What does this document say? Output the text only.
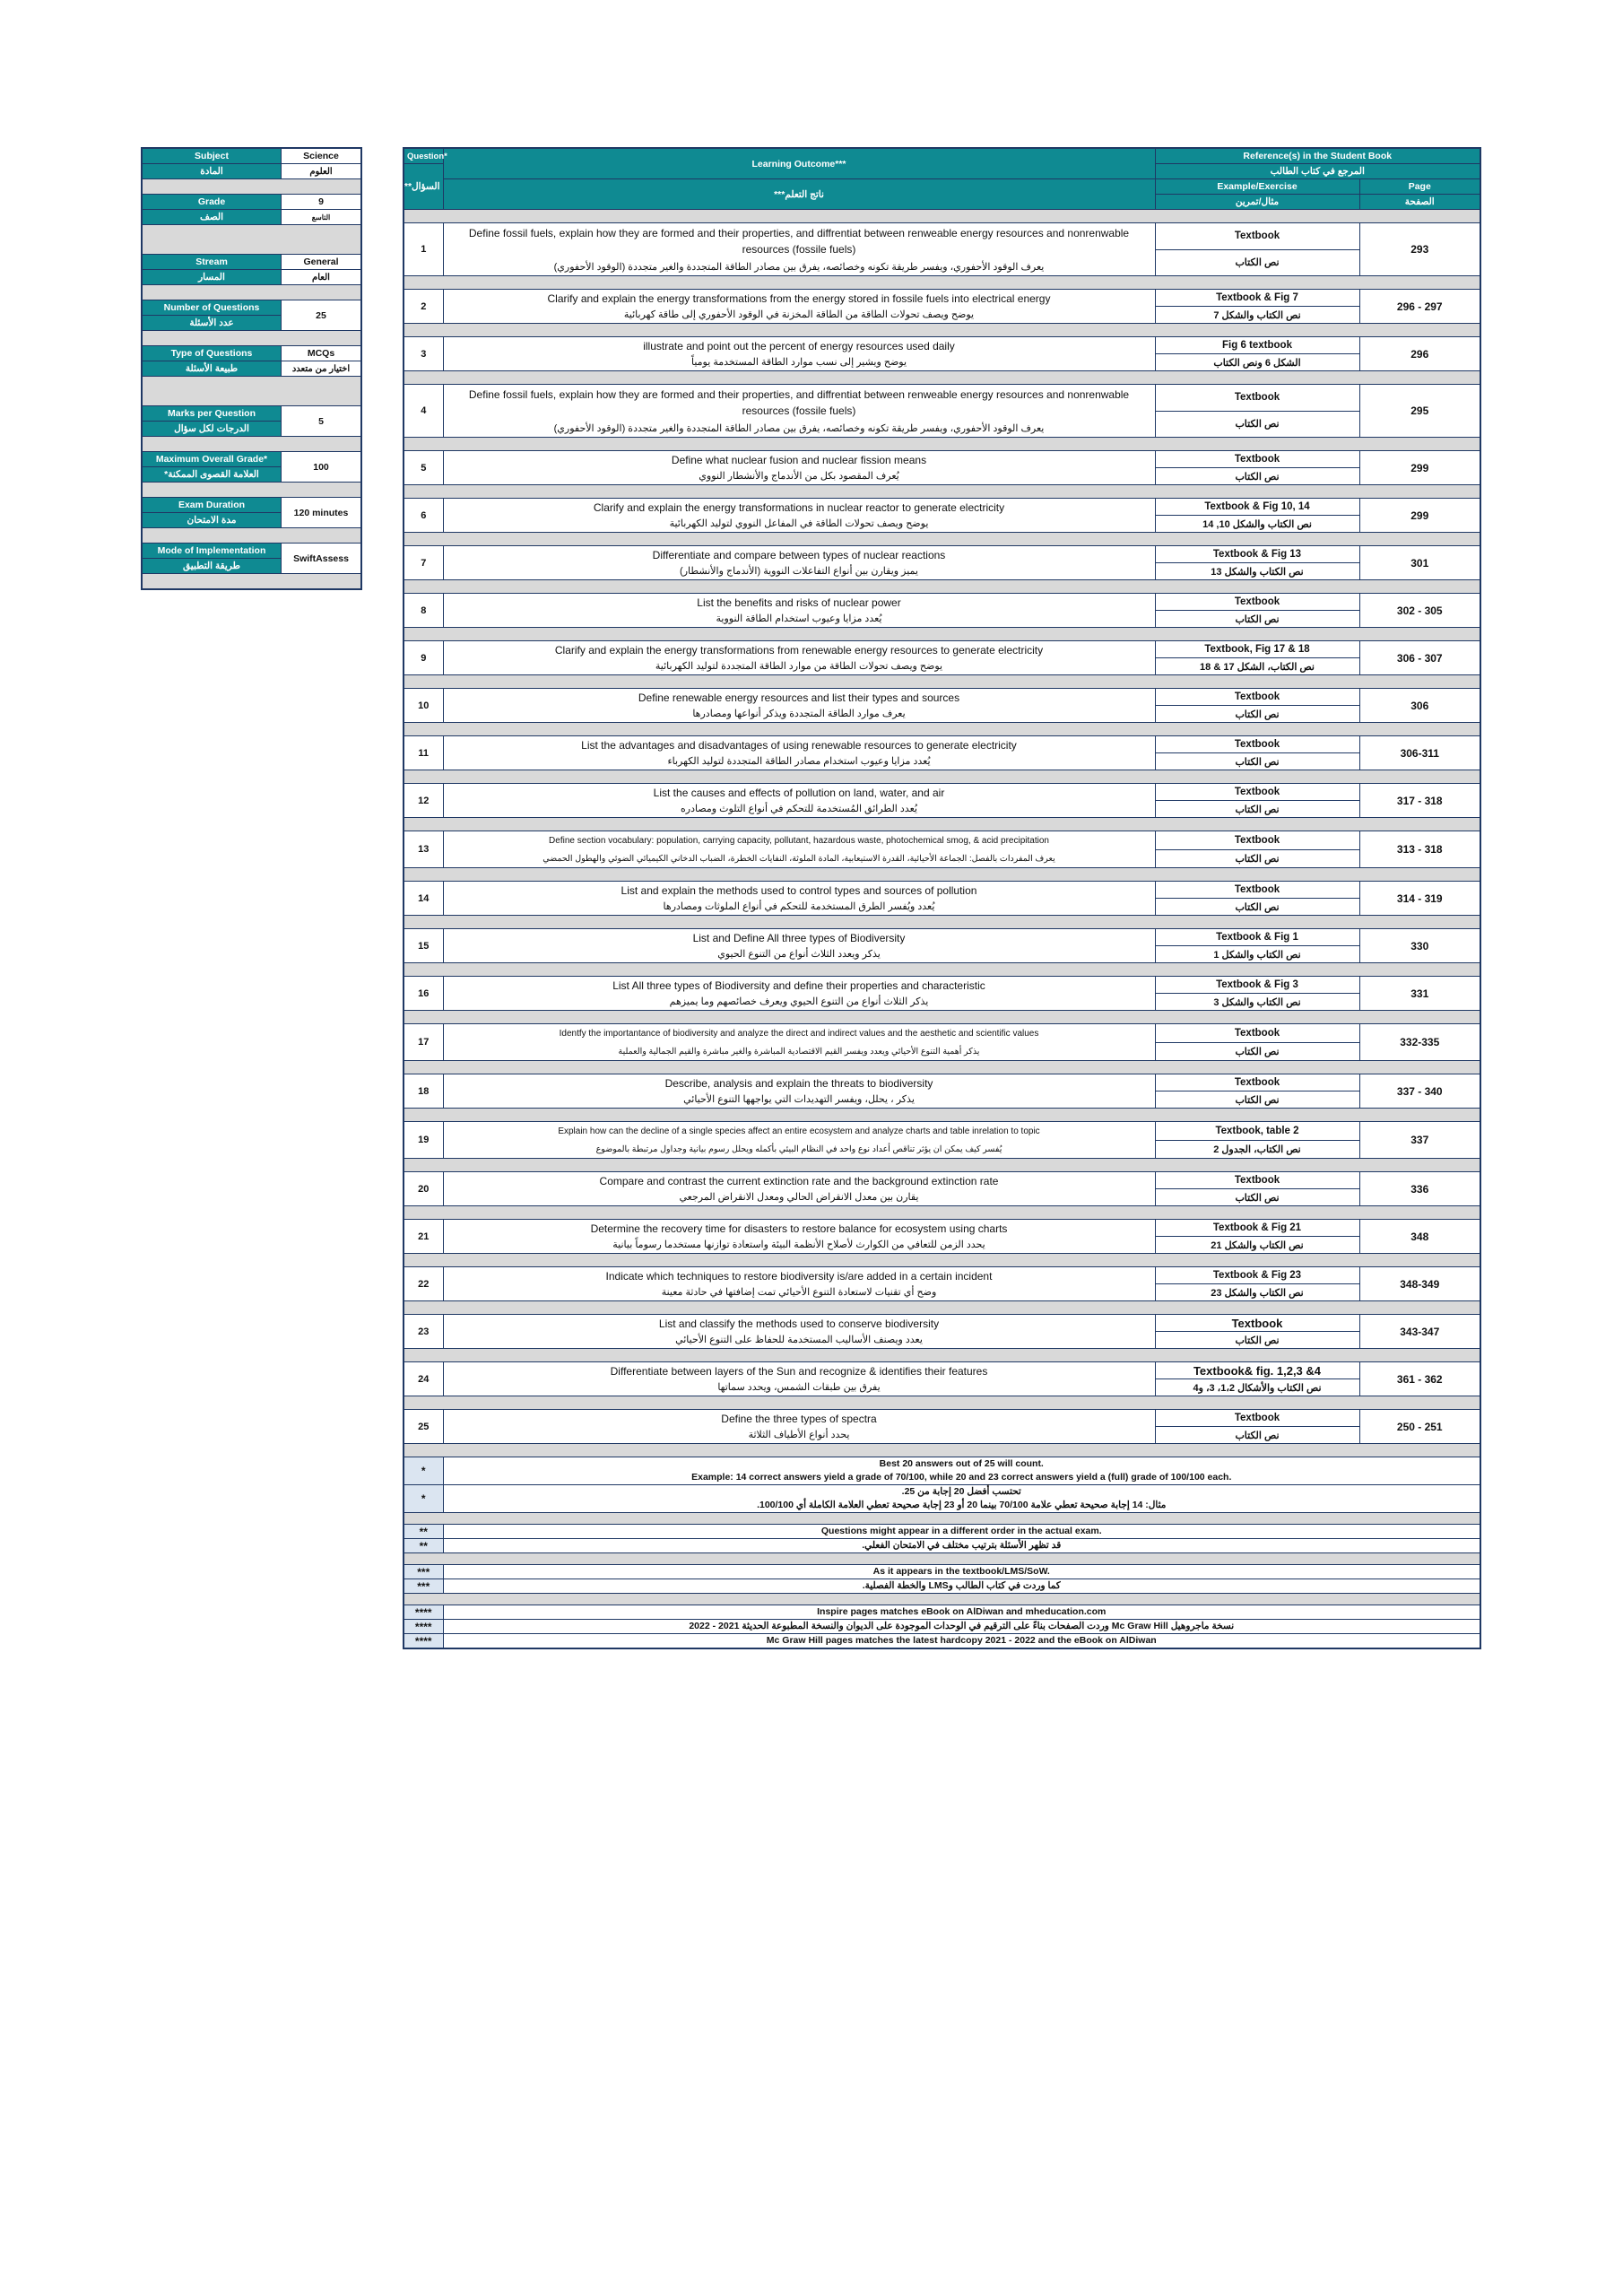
Subject	Science
المادة	العلوم

Grade	9
الصف	التاسع

Stream	General
المسار	العام

Number of Questions	25
عدد الأسئلة	

Type of Questions	MCQs
طبيعة الأسئلة	اختيار من متعدد

Marks per Question	5
الدرجات لكل سؤال	

Maximum Overall Grade*	100
العلامة القصوى الممكنة*	

Exam Duration	120 minutes
مدة الامتحان	

Mode of Implementation	SwiftAssess
طريقة التطبيق	

Question*	Learning Outcome***	Reference(s) in the Student Book	
السؤال**		المرجع في كتاب الطالب	
	ناتج التعلم***	Example/Exercise	Page
		مثال/تمرين	الصفحة

1	Define fossil fuels, explain how they are formed and their properties, and diffrentiat between renweable energy resources and nonrenwable resources (fossile fuels)
يعرف الوقود الأحفوري، ويفسر طريقة تكونه وخصائصه، يفرق بين مصادر الطاقة المتجددة والغير متجددة (الوقود الأحفوري)	Textbook	293
		نص الكتاب	

2	Clarify and explain the energy transformations from the energy stored in fossile fuels into electrical energy
يوضح ويصف تحولات الطاقة من الطاقة المخزنة في الوقود الأحفوري إلى طاقة كهربائية	Textbook & Fig 7	296 - 297
		نص الكتاب والشكل 7	

3	illustrate and point out the percent of energy resources used daily
يوضح ويشير إلى نسب موارد الطاقة المستخدمة يومياً	Fig 6 textbook	296
		الشكل 6 ونص الكتاب	

4	Define fossil fuels, explain how they are formed and their properties, and diffrentiat between renweable energy resources and nonrenwable resources (fossile fuels)
يعرف الوقود الأحفوري، ويفسر طريقة تكونه وخصائصه، يفرق بين مصادر الطاقة المتجددة والغير متجددة (الوقود الأحفوري)	Textbook	295
		نص الكتاب	

5	Define what nuclear fusion and nuclear fission means
يُعرف المقصود بكل من الأندماج والأنشطار النووي	Textbook	299
		نص الكتاب	

6	Clarify and explain the energy transformations in nuclear reactor to generate electricity
يوضح ويصف تحولات الطاقة في المفاعل النووي لتوليد الكهربائية	Textbook & Fig 10, 14	299
		نص الكتاب والشكل 10, 14	

7	Differentiate and compare between types of nuclear reactions
يميز ويقارن بين أنواع التفاعلات النووية (الأندماج والأنشطار)	Textbook & Fig 13	301
		نص الكتاب والشكل 13	

8	List the benefits and risks of nuclear power
يُعدد مزايا وعيوب استخدام الطاقة النووية	Textbook	302 - 305
		نص الكتاب	

9	Clarify and explain the energy transformations from renewable energy resources to generate electricity
يوضح ويصف تحولات الطاقة من موارد الطاقة المتجددة لتوليد الكهربائية	Textbook, Fig 17 & 18	306 - 307
		نص الكتاب، الشكل 17 & 18	

10	Define renewable energy resources and list their types and sources
يعرف موارد الطاقة المتجددة ويذكر أنواعها ومصادرها	Textbook	306
		نص الكتاب	

11	List the advantages and disadvantages of using renewable resources to generate electricity
يُعدد مزايا وعيوب استخدام مصادر الطاقة المتجددة لتوليد الكهرباء	Textbook	306-311
		نص الكتاب	

12	List the causes and effects of pollution on land, water, and air
يُعدد الطرائق المُستخدمة للتحكم في أنواع التلوث ومصادره	Textbook	317 - 318
		نص الكتاب	

13	Define section vocabulary: population, carrying capacity, pollutant, hazardous waste, photochemical smog, & acid precipitation
يعرف المفردات بالفصل: الجماعة الأحيائية، القدرة الاستيعابية، المادة الملوثة، النفايات الخطرة، الضباب الدخاني الكيميائي الضوئي والهطول الحمضي	Textbook	313 - 318
		نص الكتاب	

14	List and explain the methods used to control types and sources of pollution
يُعدد ويُفسر الطرق المستخدمة للتحكم في أنواع الملوثات ومصادرها	Textbook	314 - 319
		نص الكتاب	

15	List and Define All three types of Biodiversity
يذكر ويعدد الثلاث أنواع من التنوع الحيوي	Textbook & Fig 1	330
		نص الكتاب والشكل 1	

16	List All three types of Biodiversity and define their properties and characteristic
يذكر الثلاث أنواع من التنوع الحيوي ويعرف خصائصهم وما يميزهم	Textbook & Fig 3	331
		نص الكتاب والشكل 3	

17	Identfy the importantance of biodiversity and analyze the direct and indirect values and the aesthetic and scientific values
يذكر أهمية التنوع الأحيائي ويعدد ويفسر القيم الاقتصادية المباشرة والغير مباشرة والقيم الجمالية والعملية	Textbook	332-335
		نص الكتاب	

18	Describe, analysis and explain the threats to biodiversity
يذكر ، يحلل، ويفسر التهديدات التي يواجهها التنوع الأحيائي	Textbook	337 - 340
		نص الكتاب	

19	Explain how can the decline of a single species affect an entire ecosystem and analyze charts and table inrelation to topic
يُفسر كيف يمكن ان يؤثر تناقص أعداد نوع واحد في النظام البيئي بأكمله ويحلل رسوم بيانية وجداول مرتبطة بالموضوع	Textbook, table 2	337
		نص الكتاب، الجدول 2	

20	Compare and contrast the current extinction rate and the background extinction rate
يقارن بين معدل الانقراض الحالي ومعدل الانقراض المرجعي	Textbook	336
		نص الكتاب	

21	Determine the recovery time for disasters to restore balance for ecosystem using charts
يحدد الزمن للتعافي من الكوارث لأصلاح الأنظمة البيئة واستعادة توازنها مستخدما رسوماً بيانية	Textbook & Fig 21	348
		نص الكتاب والشكل 21	

22	Indicate which techniques to restore biodiversity is/are added in a certain incident
وضح أي تقنيات لاستعادة التنوع الأحيائي تمت إضافتها في حادثة معينة	Textbook & Fig 23	348-349
		نص الكتاب والشكل 23	

23	List and classify the methods used to conserve biodiversity
يعدد ويصنف الأساليب المستخدمة للحفاظ على التنوع الأحيائي	Textbook	343-347
		نص الكتاب	

24	Differentiate between layers of the Sun and recognize & identifies their features
يفرق بين طبقات الشمس، ويحدد سماتها	Textbook& fig. 1,2,3 &4	361 - 362
		نص الكتاب والأشكال 1،2، 3، و4	

25	Define the three types of spectra
يحدد أنواع الأطياف الثلاثة	Textbook	250 - 251
		نص الكتاب	

*	Best 20 answers out of 25 will count.
Example: 14 correct answers yield a grade of 70/100, while 20 and 23 correct answers yield a (full) grade of 100/100 each.		

*	تحتسب أفضل 20 إجابة من 25.
مثال: 14 إجابة صحيحة تعطي علامة 70/100 بينما 20 أو 23 إجابة صحيحة تعطي العلامة الكاملة أي 100/100.		

**	Questions might appear in a different order in the actual exam.		

**	قد تظهر الأسئلة بترتيب مختلف في الامتحان الفعلي.		

***	As it appears in the textbook/LMS/SoW.		

***	كما وردت في كتاب الطالب وLMS والخطة الفصلية.		

****	Inspire pages matches eBook on AlDiwan and mheducation.com		

****	نسخة ماجروهيل Mc Graw Hill وردت الصفحات بناءً على الترقيم في الوحدات الموجودة على الديوان والنسخة المطبوعة الحديثة 2021 - 2022		

****	Mc Graw Hill pages matches the latest hardcopy 2021 - 2022 and the eBook on AlDiwan		
